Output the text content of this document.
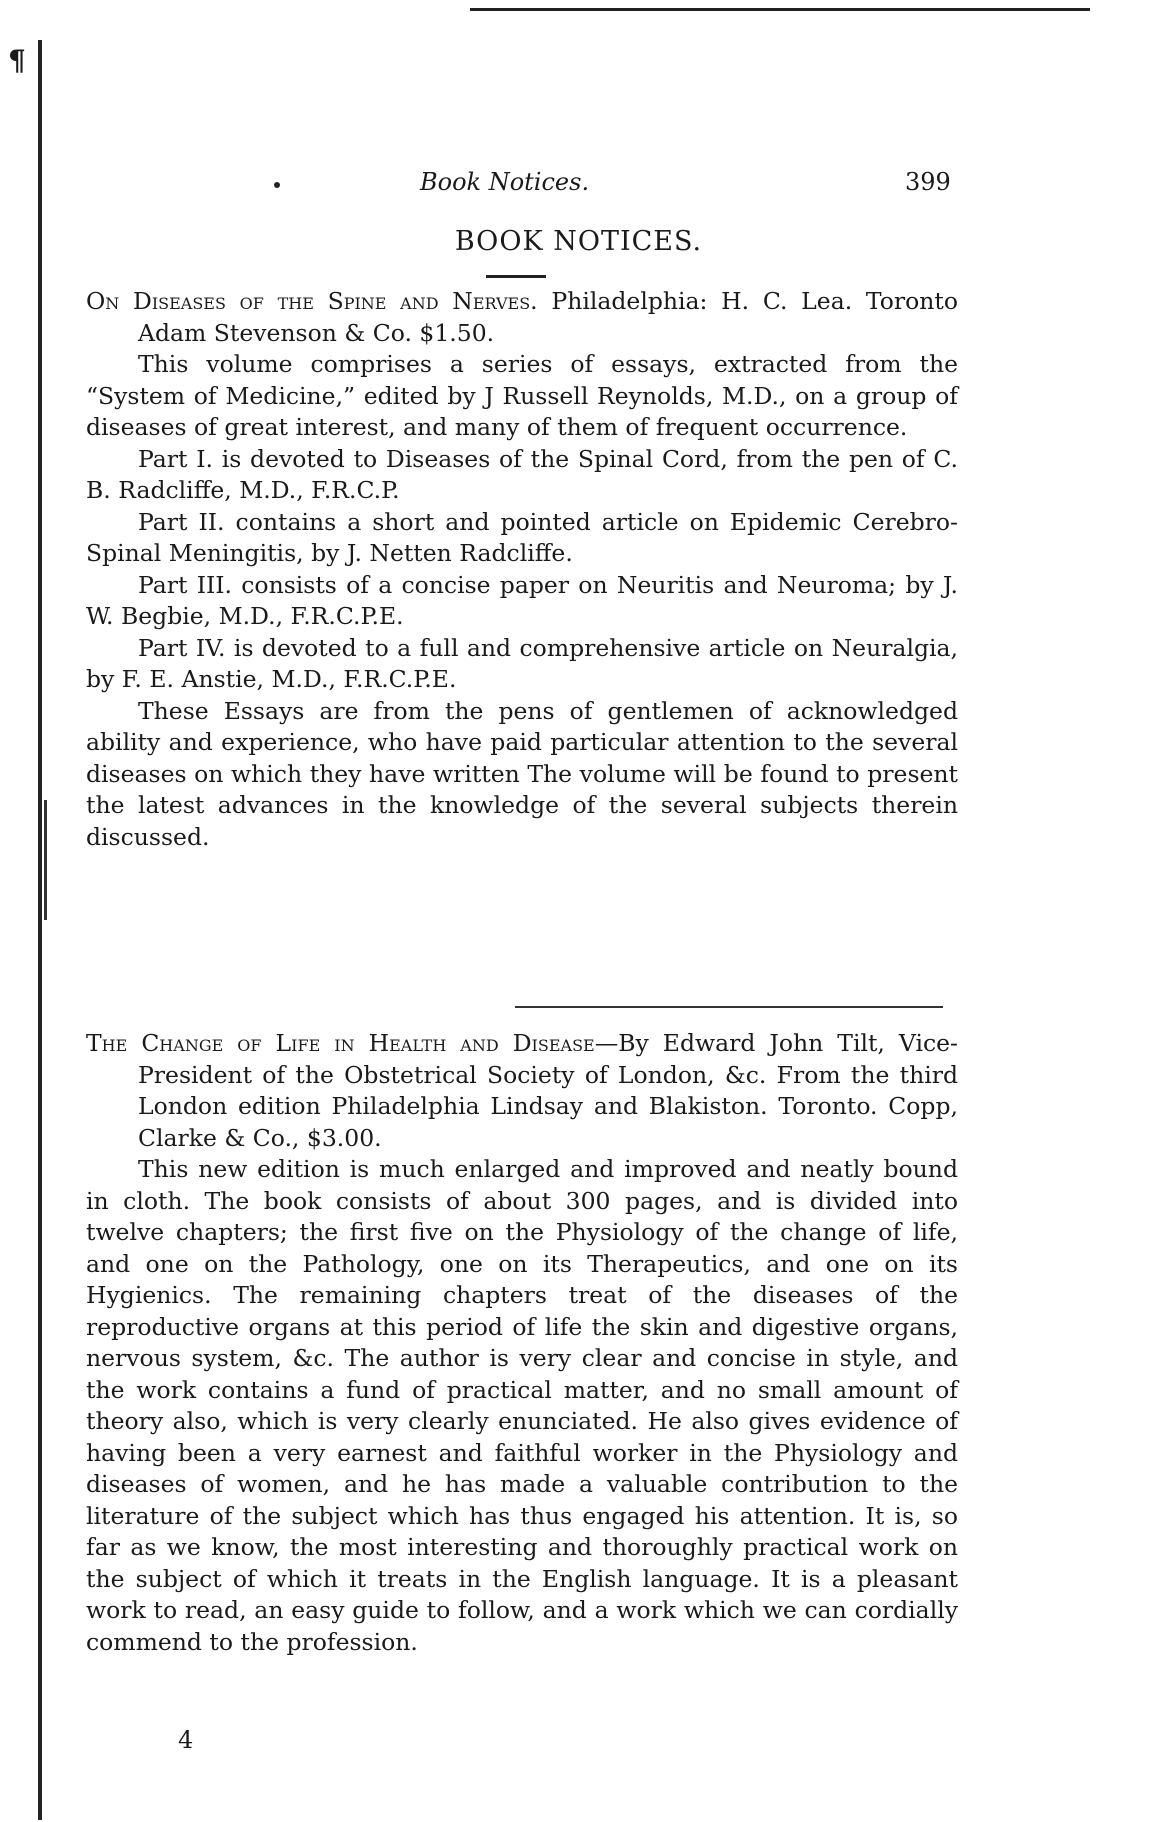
¶
Book Notices.	399
BOOK NOTICES.

On Diseases of the Spine and Nerves. Philadelphia: H. C. Lea. Toronto Adam Stevenson & Co. $1.50.

This volume comprises a series of essays, extracted from the “System of Medicine,” edited by J Russell Reynolds, M.D., on a group of diseases of great interest, and many of them of frequent occurrence.

Part I. is devoted to Diseases of the Spinal Cord, from the pen of C. B. Radcliffe, M.D., F.R.C.P.

Part II. contains a short and pointed article on Epidemic Cerebro-Spinal Meningitis, by J. Netten Radcliffe.

Part III. consists of a concise paper on Neuritis and Neuroma; by J. W. Begbie, M.D., F.R.C.P.E.

Part IV. is devoted to a full and comprehensive article on Neuralgia, by F. E. Anstie, M.D., F.R.C.P.E.

These Essays are from the pens of gentlemen of acknowledged ability and experience, who have paid particular attention to the several diseases on which they have written The volume will be found to present the latest advances in the knowledge of the several subjects therein discussed.

The Change of Life in Health and Disease—By Edward John Tilt, Vice-President of the Obstetrical Society of London, &c. From the third London edition Philadelphia Lindsay and Blakiston. Toronto. Copp, Clarke & Co., $3.00.

This new edition is much enlarged and improved and neatly bound in cloth. The book consists of about 300 pages, and is divided into twelve chapters; the first five on the Physiology of the change of life, and one on the Pathology, one on its Therapeutics, and one on its Hygienics. The remaining chapters treat of the diseases of the reproductive organs at this period of life the skin and digestive organs, nervous system, &c. The author is very clear and concise in style, and the work contains a fund of practical matter, and no small amount of theory also, which is very clearly enunciated. He also gives evidence of having been a very earnest and faithful worker in the Physiology and diseases of women, and he has made a valuable contribution to the literature of the subject which has thus engaged his attention. It is, so far as we know, the most interesting and thoroughly practical work on the subject of which it treats in the English language. It is a pleasant work to read, an easy guide to follow, and a work which we can cordially commend to the profession.

4
